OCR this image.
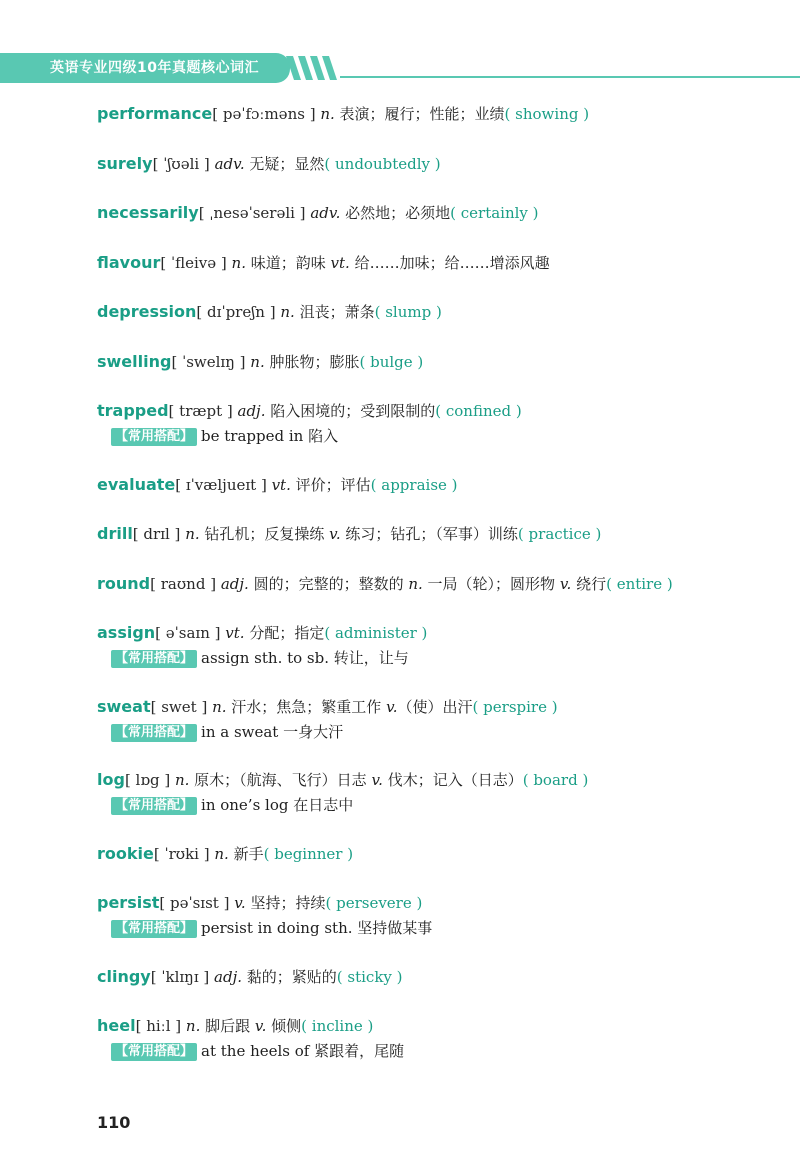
英语专业四级10年真题核心词汇
performance[ pəˈfɔːməns ] n. 表演；履行；性能；业绩( showing )
surely[ ˈʃʊəli ] adv. 无疑；显然( undoubtedly )
necessarily[ ˌnesəˈserəli ] adv. 必然地；必须地( certainly )
flavour[ ˈfleivə ] n. 味道；韵味 vt. 给……加味；给……增添风趣
depression[ dɪˈpreʃn ] n. 沮丧；萧条( slump )
swelling[ ˈswelɪŋ ] n. 肿胀物；膨胀( bulge )
trapped[ træpt ] adj. 陷入困境的；受到限制的( confined )
【常用搭配】 be trapped in 陷入
evaluate[ ɪˈvæljueɪt ] vt. 评价；评估( appraise )
drill[ drɪl ] n. 钻孔机；反复操练 v. 练习；钻孔；（军事）训练( practice )
round[ raʊnd ] adj. 圆的；完整的；整数的 n. 一局（轮）；圆形物 v. 绕行( entire )
assign[ əˈsaɪn ] vt. 分配；指定( administer )
【常用搭配】 assign sth. to sb. 转让，让与
sweat[ swet ] n. 汗水；焦急；繁重工作 v.（使）出汗( perspire )
【常用搭配】 in a sweat 一身大汗
log[ lɒg ] n. 原木；（航海、飞行）日志 v. 伐木；记入（日志）( board )
【常用搭配】 in one’s log 在日志中
rookie[ ˈrʊki ] n. 新手( beginner )
persist[ pəˈsɪst ] v. 坚持；持续( persevere )
【常用搭配】 persist in doing sth. 坚持做某事
clingy[ ˈklɪŋɪ ] adj. 黏的；紧贴的( sticky )
heel[ hiːl ] n. 脚后跟 v. 倾侧( incline )
【常用搭配】 at the heels of 紧跟着，尾随
110
